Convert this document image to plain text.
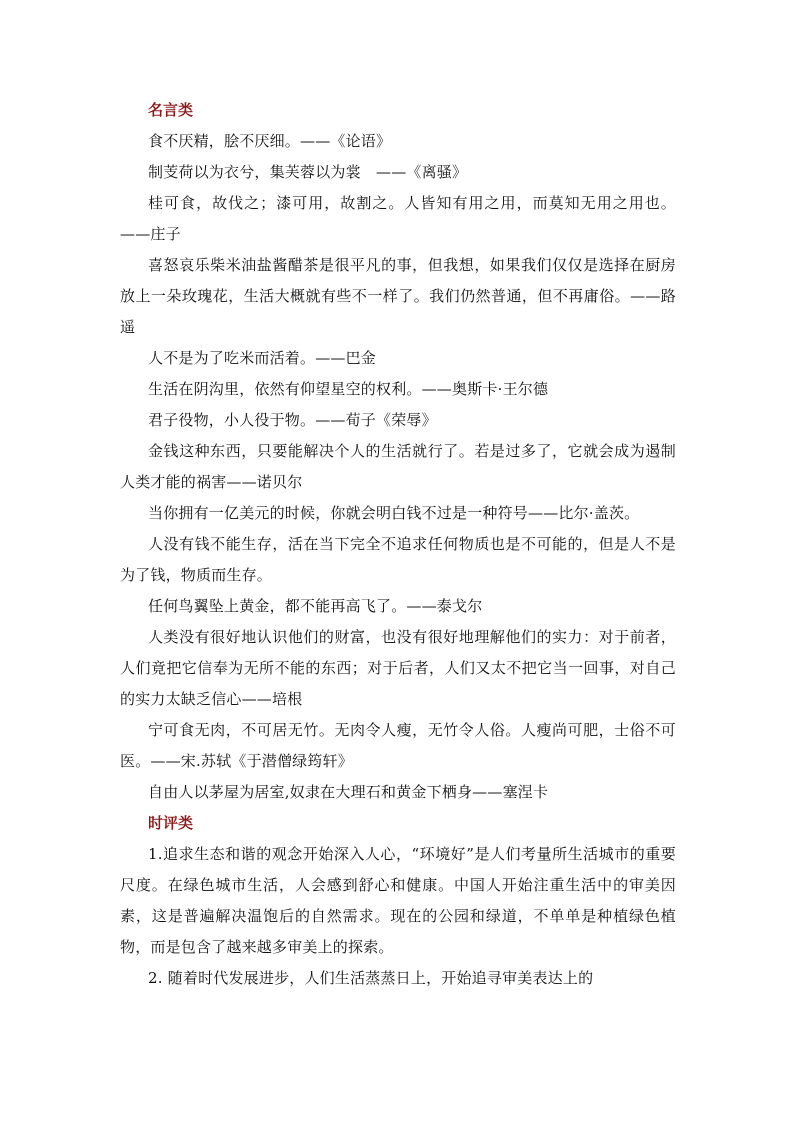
名言类

食不厌精，脍不厌细。——《论语》

制芰荷以为衣兮，集芙蓉以为裳　——《离骚》

桂可食，故伐之；漆可用，故割之。人皆知有用之用，而莫知无用之用也。——庄子

喜怒哀乐柴米油盐酱醋茶是很平凡的事，但我想，如果我们仅仅是选择在厨房放上一朵玫瑰花，生活大概就有些不一样了。我们仍然普通，但不再庸俗。——路遥

人不是为了吃米而活着。——巴金

生活在阴沟里，依然有仰望星空的权利。——奥斯卡·王尔德

君子役物，小人役于物。——荀子《荣辱》

金钱这种东西，只要能解决个人的生活就行了。若是过多了，它就会成为遏制人类才能的祸害——诺贝尔

当你拥有一亿美元的时候，你就会明白钱不过是一种符号——比尔·盖茨。

人没有钱不能生存，活在当下完全不追求任何物质也是不可能的，但是人不是为了钱，物质而生存。

任何鸟翼坠上黄金，都不能再高飞了。——泰戈尔

人类没有很好地认识他们的财富，也没有很好地理解他们的实力：对于前者，人们竟把它信奉为无所不能的东西；对于后者，人们又太不把它当一回事，对自己的实力太缺乏信心——培根

宁可食无肉，不可居无竹。无肉令人瘦，无竹令人俗。人瘦尚可肥，士俗不可医。——宋.苏轼《于潜僧绿筠轩》

自由人以茅屋为居室,奴隶在大理石和黄金下栖身——塞涅卡

时评类

1.追求生态和谐的观念开始深入人心，“环境好”是人们考量所生活城市的重要尺度。在绿色城市生活，人会感到舒心和健康。中国人开始注重生活中的审美因素，这是普遍解决温饱后的自然需求。现在的公园和绿道，不单单是种植绿色植物，而是包含了越来越多审美上的探索。

2. 随着时代发展进步，人们生活蒸蒸日上，开始追寻审美表达上的
